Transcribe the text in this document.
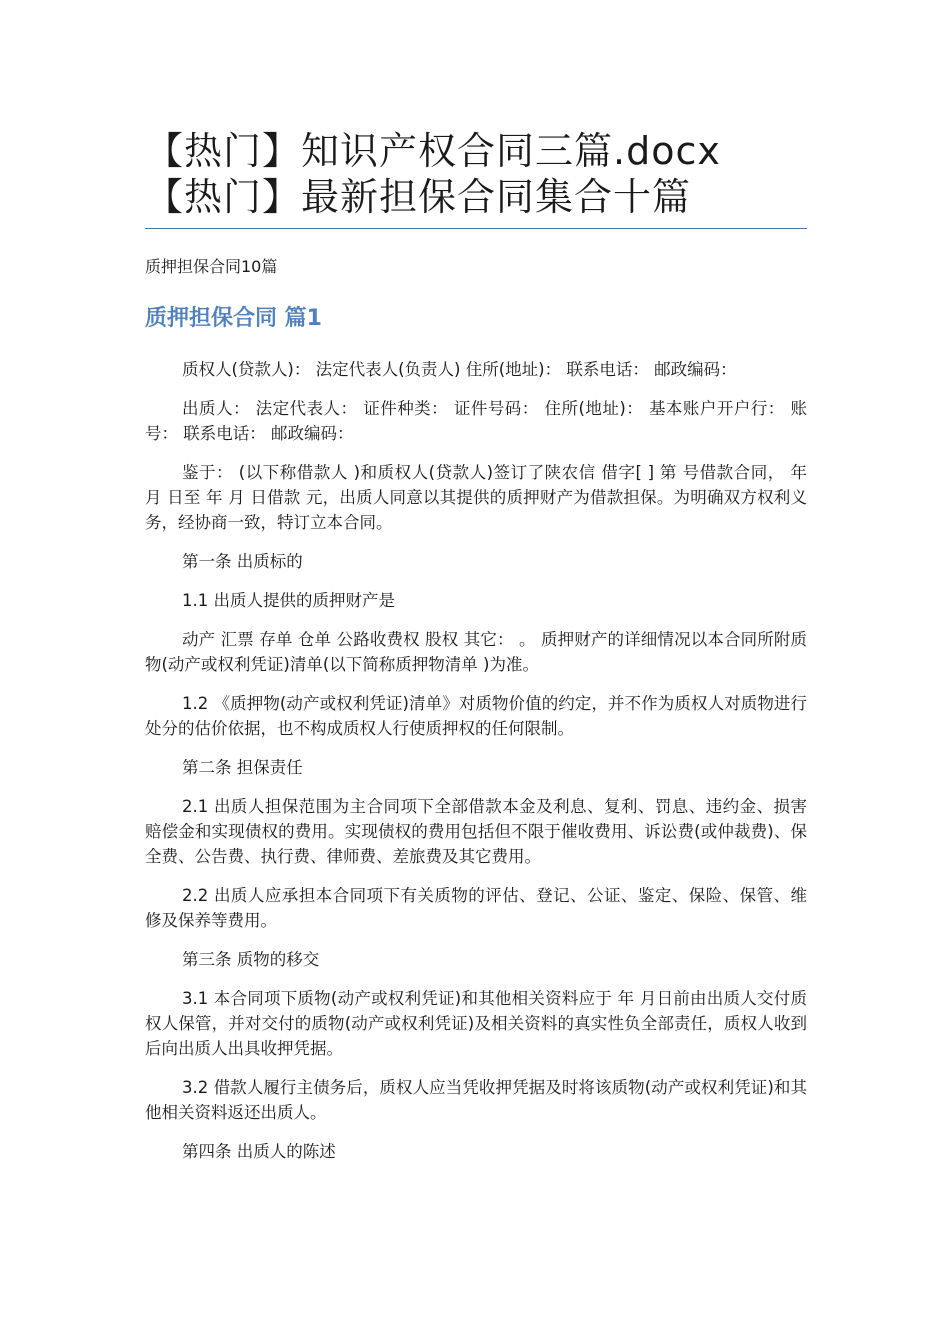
【热门】知识产权合同三篇.docx
【热门】最新担保合同集合十篇
质押担保合同10篇
质押担保合同 篇1

质权人(贷款人)： 法定代表人(负责人) 住所(地址)： 联系电话： 邮政编码：

出质人： 法定代表人： 证件种类： 证件号码： 住所(地址)： 基本账户开户行： 账 号： 联系电话： 邮政编码：

鉴于： (以下称借款人 )和质权人(贷款人)签订了陕农信 借字[ ] 第 号借款合同， 年 月 日至 年 月 日借款 元，出质人同意以其提供的质押财产为借款担保。为明确双方权利义务，经协商一致，特订立本合同。

第一条 出质标的

1.1 出质人提供的质押财产是

动产 汇票 存单 仓单 公路收费权 股权 其它： 。 质押财产的详细情况以本合同所附质物(动产或权利凭证)清单(以下简称质押物清单 )为准。

1.2 《质押物(动产或权利凭证)清单》对质物价值的约定，并不作为质权人对质物进行处分的估价依据，也不构成质权人行使质押权的任何限制。

第二条 担保责任

2.1 出质人担保范围为主合同项下全部借款本金及利息、复利、罚息、违约金、损害赔偿金和实现债权的费用。实现债权的费用包括但不限于催收费用、诉讼费(或仲裁费)、保全费、公告费、执行费、律师费、差旅费及其它费用。

2.2 出质人应承担本合同项下有关质物的评估、登记、公证、鉴定、保险、保管、维修及保养等费用。

第三条 质物的移交

3.1 本合同项下质物(动产或权利凭证)和其他相关资料应于 年 月日前由出质人交付质权人保管，并对交付的质物(动产或权利凭证)及相关资料的真实性负全部责任，质权人收到后向出质人出具收押凭据。

3.2 借款人履行主债务后，质权人应当凭收押凭据及时将该质物(动产或权利凭证)和其他相关资料返还出质人。

第四条 出质人的陈述
